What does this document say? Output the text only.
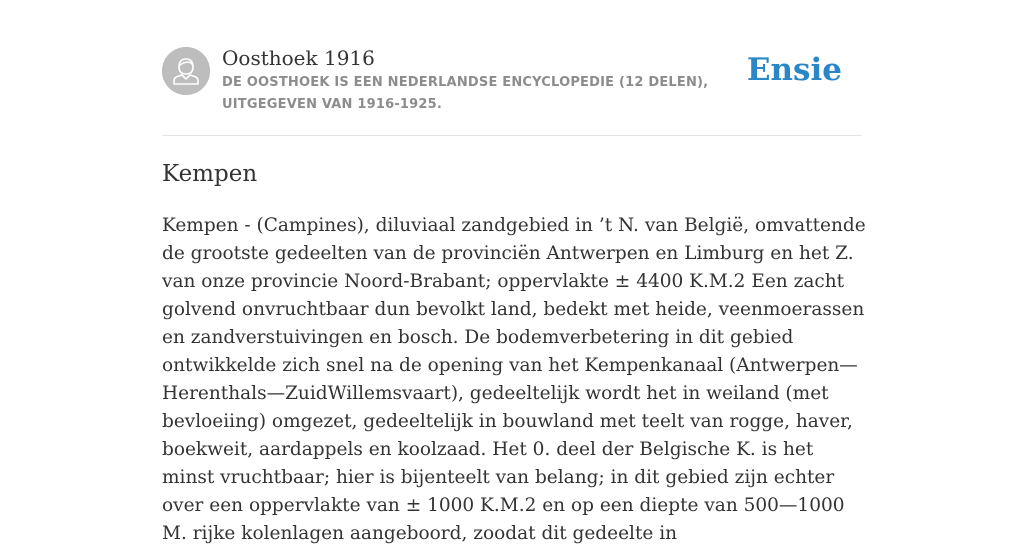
Oosthoek 1916
DE OOSTHOEK IS EEN NEDERLANDSE ENCYCLOPEDIE (12 DELEN), UITGEGEVEN VAN 1916-1925.
Ensie
Kempen

Kempen - (Campines), diluviaal zandgebied in ’t N. van België, omvattende de grootste gedeelten van de provinciën Antwerpen en Limburg en het Z. van onze provincie Noord-Brabant; oppervlakte ± 4400 K.M.2 Een zacht golvend onvruchtbaar dun bevolkt land, bedekt met heide, veenmoerassen en zandverstuivingen en bosch. De bodemverbetering in dit gebied ontwikkelde zich snel na de opening van het Kempenkanaal (Antwerpen—Herenthals—ZuidWillemsvaart), gedeeltelijk wordt het in weiland (met bevloeiing) omgezet, gedeeltelijk in bouwland met teelt van rogge, haver, boekweit, aardappels en koolzaad. Het 0. deel der Belgische K. is het minst vruchtbaar; hier is bijenteelt van belang; in dit gebied zijn echter over een oppervlakte van ± 1000 K.M.2 en op een diepte van 500—1000 M. rijke kolenlagen aangeboord, zoodat dit gedeelte in
